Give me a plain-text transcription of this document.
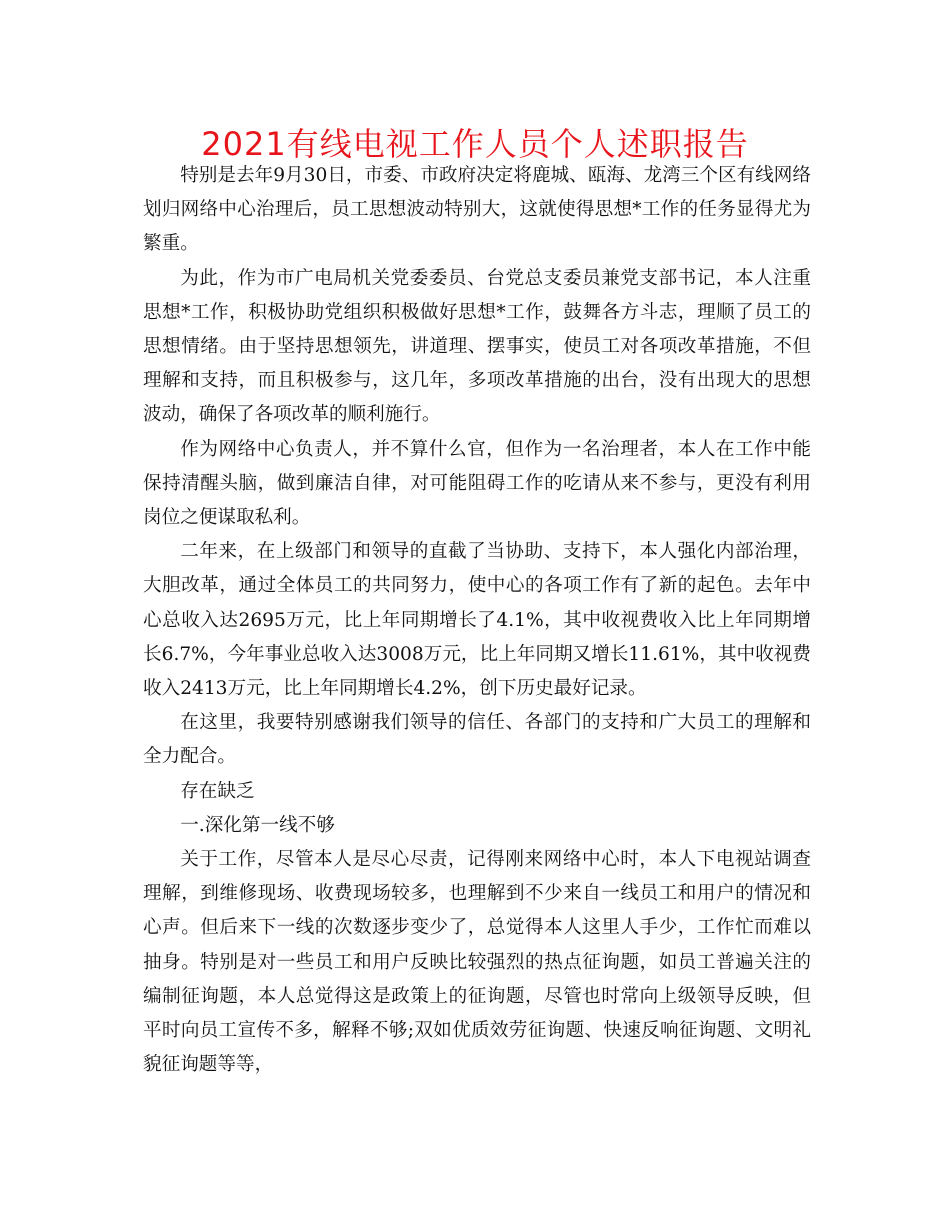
2021有线电视工作人员个人述职报告

特别是去年9月30日，市委、市政府决定将鹿城、瓯海、龙湾三个区有线网络划归网络中心治理后，员工思想波动特别大，这就使得思想*工作的任务显得尤为繁重。

为此，作为市广电局机关党委委员、台党总支委员兼党支部书记，本人注重思想*工作，积极协助党组织积极做好思想*工作，鼓舞各方斗志，理顺了员工的思想情绪。由于坚持思想领先，讲道理、摆事实，使员工对各项改革措施，不但理解和支持，而且积极参与，这几年，多项改革措施的出台，没有出现大的思想波动，确保了各项改革的顺利施行。

作为网络中心负责人，并不算什么官，但作为一名治理者，本人在工作中能保持清醒头脑，做到廉洁自律，对可能阻碍工作的吃请从来不参与，更没有利用岗位之便谋取私利。

二年来，在上级部门和领导的直截了当协助、支持下，本人强化内部治理，大胆改革，通过全体员工的共同努力，使中心的各项工作有了新的起色。去年中心总收入达2695万元，比上年同期增长了4.1%，其中收视费收入比上年同期增长6.7%，今年事业总收入达3008万元，比上年同期又增长11.61%，其中收视费收入2413万元，比上年同期增长4.2%，创下历史最好记录。

在这里，我要特别感谢我们领导的信任、各部门的支持和广大员工的理解和全力配合。

存在缺乏

一.深化第一线不够

关于工作，尽管本人是尽心尽责，记得刚来网络中心时，本人下电视站调查理解，到维修现场、收费现场较多，也理解到不少来自一线员工和用户的情况和心声。但后来下一线的次数逐步变少了，总觉得本人这里人手少，工作忙而难以抽身。特别是对一些员工和用户反映比较强烈的热点征询题，如员工普遍关注的编制征询题，本人总觉得这是政策上的征询题，尽管也时常向上级领导反映，但平时向员工宣传不多，解释不够;双如优质效劳征询题、快速反响征询题、文明礼貌征询题等等，
